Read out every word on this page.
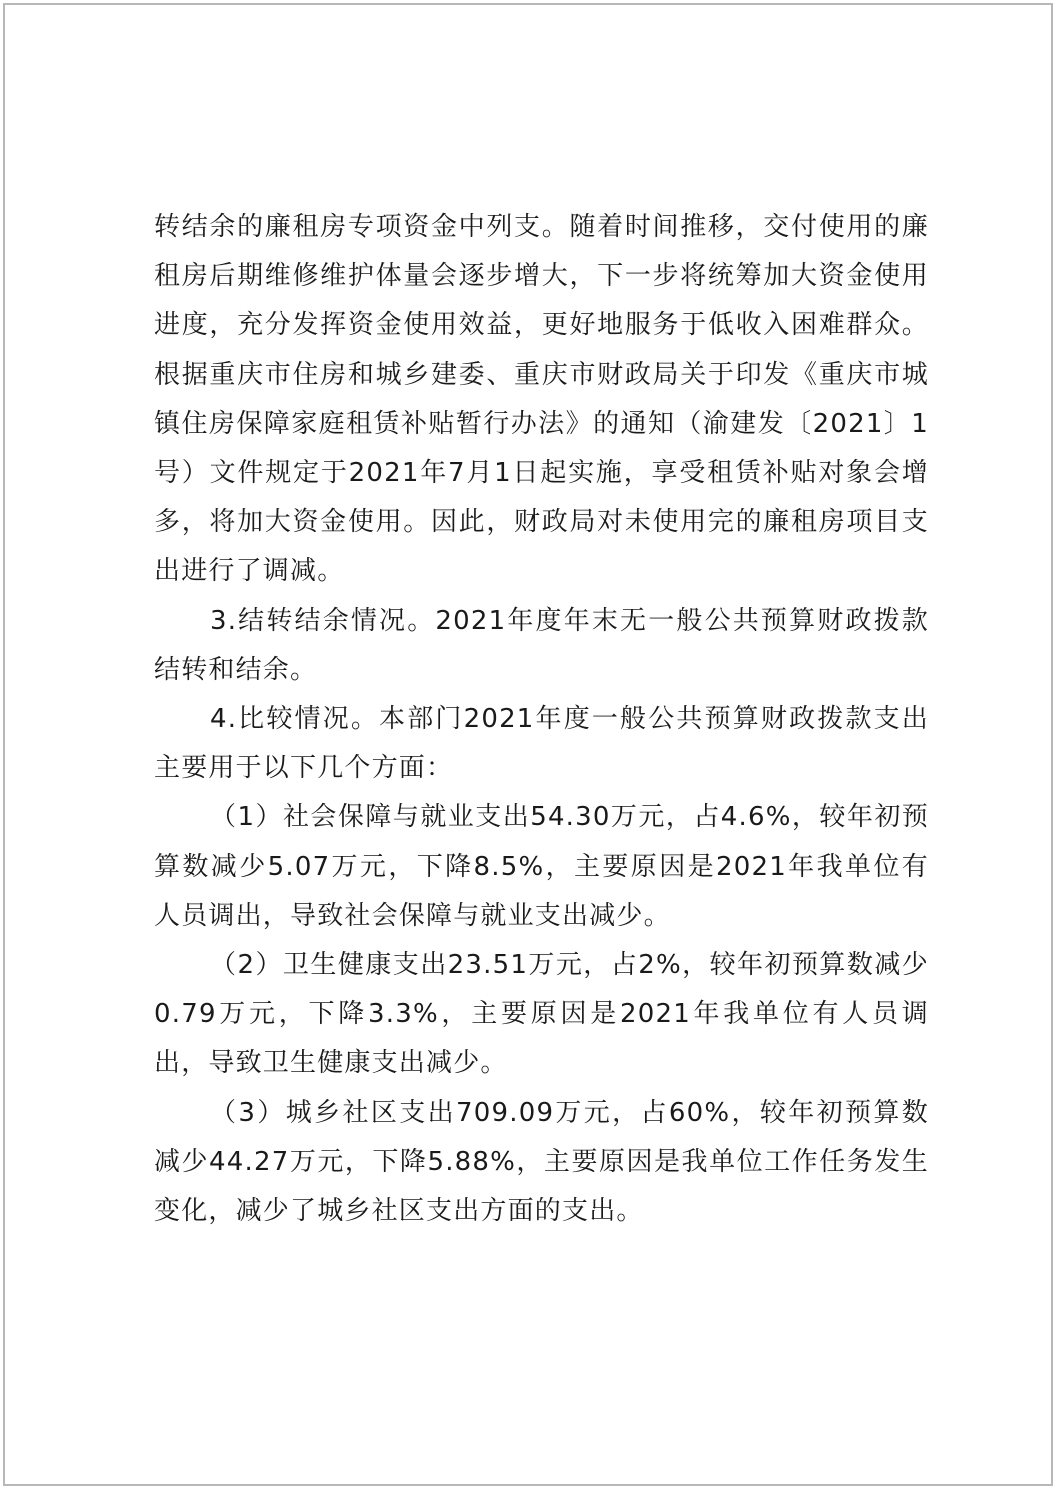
转结余的廉租房专项资金中列支。随着时间推移，交付使用的廉租房后期维修维护体量会逐步增大，下一步将统筹加大资金使用进度，充分发挥资金使用效益，更好地服务于低收入困难群众。根据重庆市住房和城乡建委、重庆市财政局关于印发《重庆市城镇住房保障家庭租赁补贴暂行办法》的通知（渝建发〔2021〕1号）文件规定于2021年7月1日起实施，享受租赁补贴对象会增多，将加大资金使用。因此，财政局对未使用完的廉租房项目支出进行了调减。

3.结转结余情况。2021年度年末无一般公共预算财政拨款结转和结余。

4.比较情况。本部门2021年度一般公共预算财政拨款支出主要用于以下几个方面：

（1）社会保障与就业支出54.30万元，占4.6%，较年初预算数减少5.07万元，下降8.5%，主要原因是2021年我单位有人员调出，导致社会保障与就业支出减少。

（2）卫生健康支出23.51万元，占2%，较年初预算数减少0.79万元，下降3.3%，主要原因是2021年我单位有人员调出，导致卫生健康支出减少。

（3）城乡社区支出709.09万元，占60%，较年初预算数减少44.27万元，下降5.88%，主要原因是我单位工作任务发生变化，减少了城乡社区支出方面的支出。
